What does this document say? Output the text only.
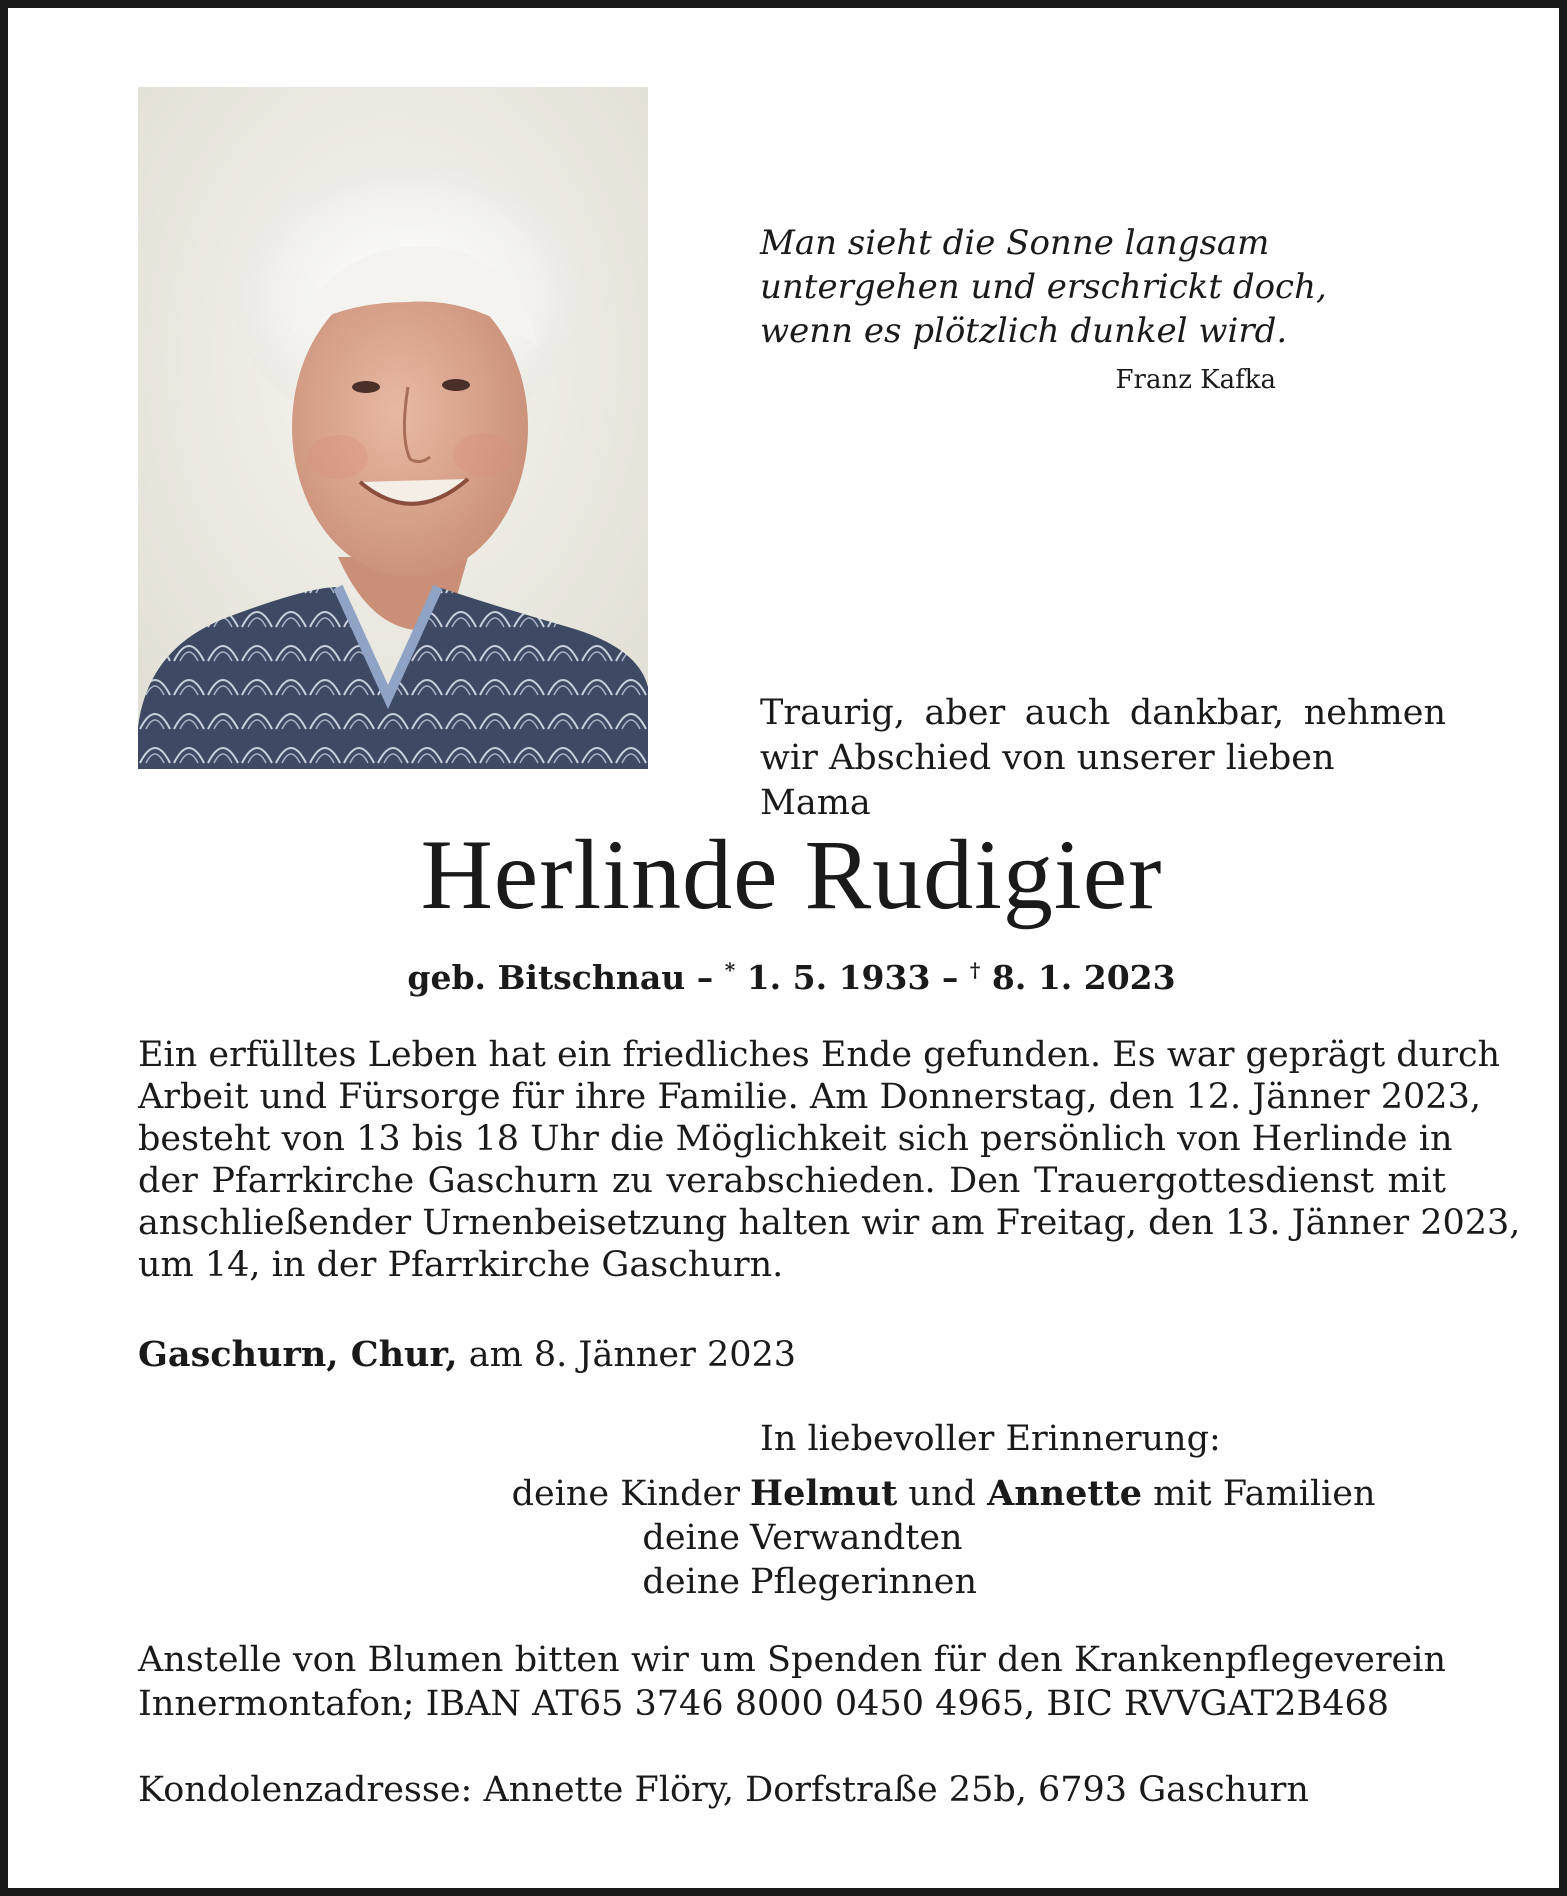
Man sieht die Sonne langsam
untergehen und erschrickt doch,
wenn es plötzlich dunkel wird.
Franz Kafka
Traurig, aber auch dankbar, nehmen
wir Abschied von unserer lieben Mama
Herlinde Rudigier
geb. Bitschnau – * 1. 5. 1933 – † 8. 1. 2023
Ein erfülltes Leben hat ein friedliches Ende gefunden. Es war geprägt durch
Arbeit und Fürsorge für ihre Familie. Am Donnerstag, den 12. Jänner 2023,
besteht von 13 bis 18 Uhr die Möglichkeit sich persönlich von Herlinde in
der Pfarrkirche Gaschurn zu verabschieden. Den Trauergottesdienst mit
anschließender Urnenbeisetzung halten wir am Freitag, den 13. Jänner 2023,
um 14, in der Pfarrkirche Gaschurn.
Gaschurn, Chur, am 8. Jänner 2023
In liebevoller Erinnerung:
deine Kinder Helmut und Annette mit Familien
deine Verwandten
deine Pflegerinnen
Anstelle von Blumen bitten wir um Spenden für den Krankenpflegeverein
Innermontafon; IBAN AT65 3746 8000 0450 4965, BIC RVVGAT2B468
Kondolenzadresse: Annette Flöry, Dorfstraße 25b, 6793 Gaschurn
